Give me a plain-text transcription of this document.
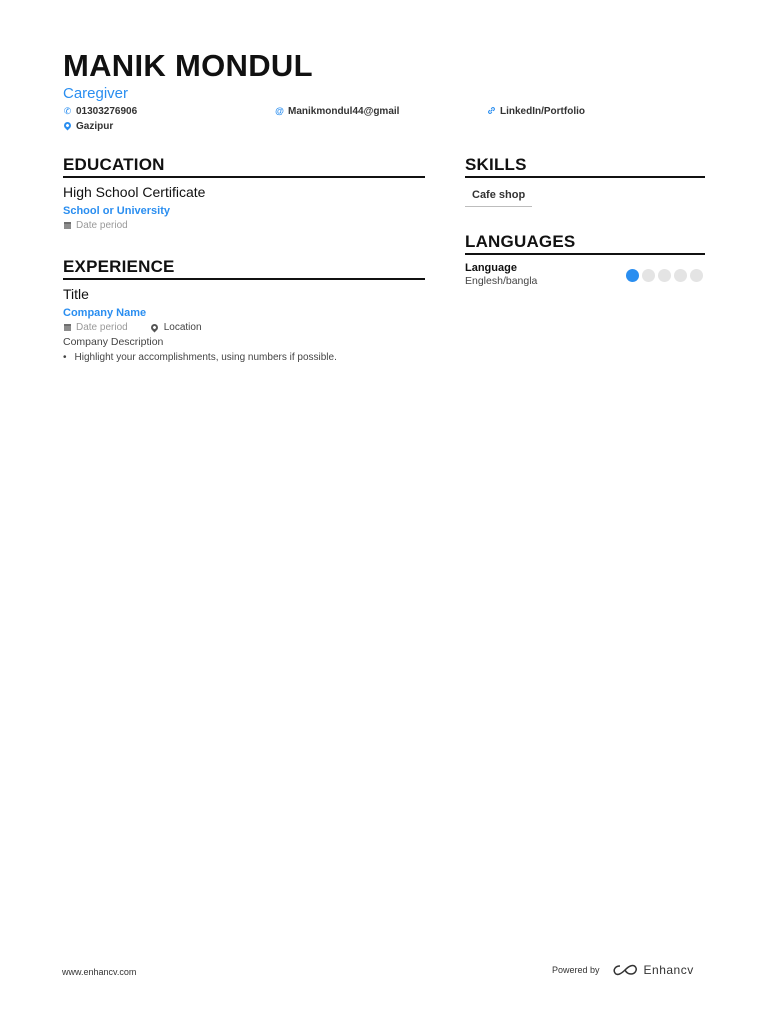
MANIK MONDUL
Caregiver
✆ 01303276906	@ Manikmondul44@gmail	LinkedIn/Portfolio
Gazipur
EDUCATION
High School Certificate
School or University
Date period
EXPERIENCE
Title
Company Name
Date period	Location
Company Description
• Highlight your accomplishments, using numbers if possible.
SKILLS
Cafe shop
LANGUAGES
Language
Englesh/bangla
www.enhancv.com	Powered by	Enhancv
